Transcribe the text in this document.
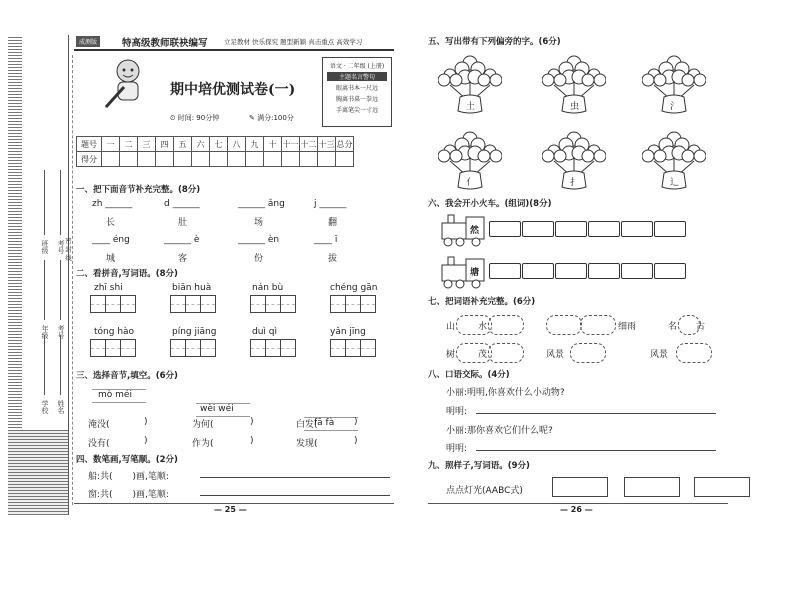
班级 考号
年级 考号
密 封 线
学校 姓名
成测版	特高级教师联袂编写	立足教材 快乐探究 题型新颖 真击重点 高效学习
期中培优测试卷(一)
⏲ 时间: 90分钟	✎ 满分:100分
语文 · 二年级 (上册)
主题名言警句
眼离书本一尺远
胸离书桌一拳远
手离笔尖一寸远
题号	一	二	三	四	五	六	七	八	九	十	十一	十二	十三	总分
得分														
一、把下面音节补充完整。(8分)
zh ______	d ______	______ ǎng	j ______
长	肚	场	翻
____ éng	______ è	______ èn	____ ī
城	客	份	拔
二、看拼音,写词语。(8分)
zhī shi	biān huà	nán bù	chéng gān
tóng hào	píng jiāng	duì qì	yǎn jīng
三、选择音节,填空。(6分)
mò méi
wèi wéi
fā fà
淹没(	)	为何(	)	白发(	)
没有(	)	作为(	)	发现(	)
四、数笔画,写笔顺。(2分)
船:共( )画,笔顺:
窗:共( )画,笔顺:
— 25 —
五、写出带有下列偏旁的字。(6分)
土	虫	氵
亻	扌	辶
六、我会开小火车。(组词)(8分)
然
塘
七、把词语补充完整。(6分)
山	水	细雨	名 古
树	茂	风景	风景
八、口语交际。(4分)
小丽:明明,你喜欢什么小动物?
明明:
小丽:那你喜欢它们什么呢?
明明:
九、照样子,写词语。(9分)
点点灯光(AABC式)
— 26 —
